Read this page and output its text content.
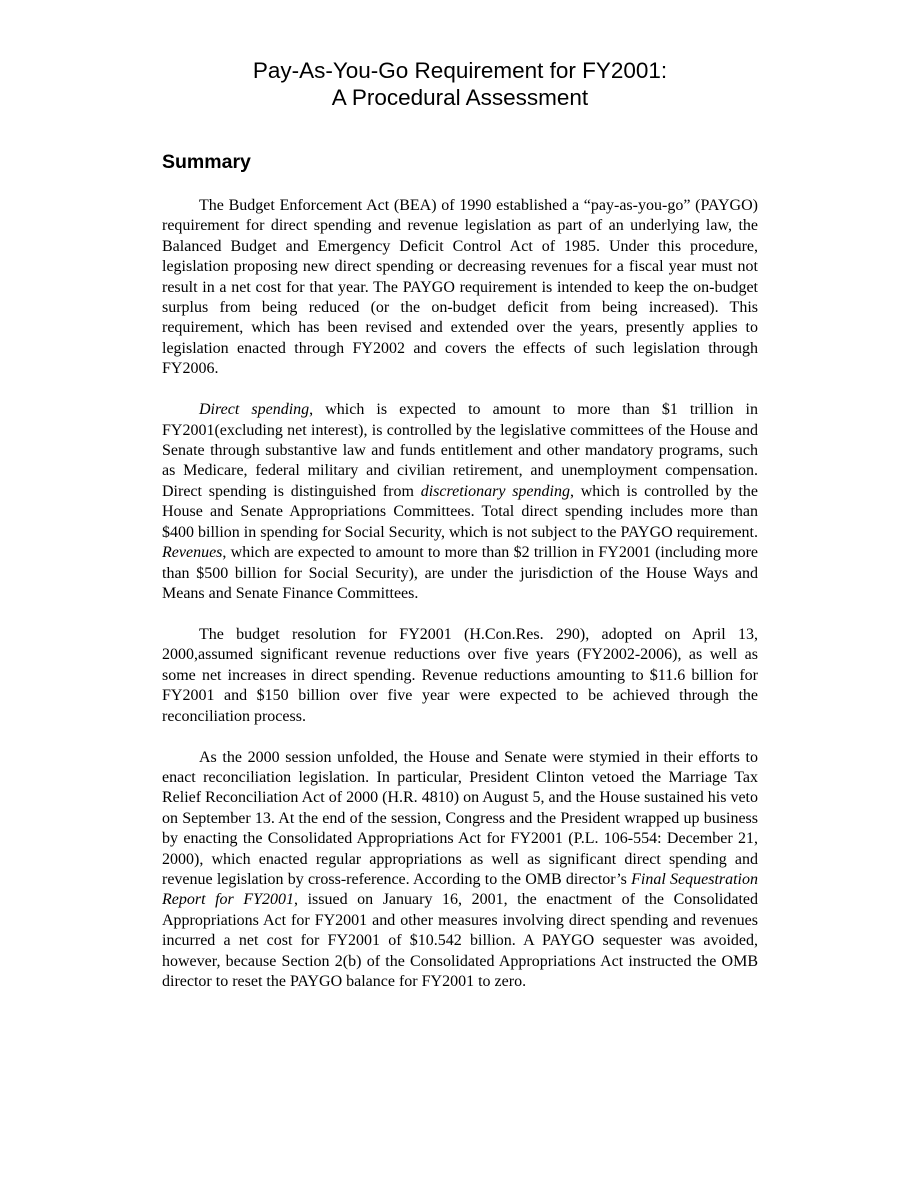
Pay-As-You-Go Requirement for FY2001:
A Procedural Assessment
Summary

The Budget Enforcement Act (BEA) of 1990 established a “pay-as-you-go” (PAYGO) requirement for direct spending and revenue legislation as part of an underlying law, the Balanced Budget and Emergency Deficit Control Act of 1985. Under this procedure, legislation proposing new direct spending or decreasing revenues for a fiscal year must not result in a net cost for that year. The PAYGO requirement is intended to keep the on-budget surplus from being reduced (or the on-budget deficit from being increased). This requirement, which has been revised and extended over the years, presently applies to legislation enacted through FY2002 and covers the effects of such legislation through FY2006.

Direct spending, which is expected to amount to more than $1 trillion in FY2001(excluding net interest), is controlled by the legislative committees of the House and Senate through substantive law and funds entitlement and other mandatory programs, such as Medicare, federal military and civilian retirement, and unemployment compensation. Direct spending is distinguished from discretionary spending, which is controlled by the House and Senate Appropriations Committees. Total direct spending includes more than $400 billion in spending for Social Security, which is not subject to the PAYGO requirement. Revenues, which are expected to amount to more than $2 trillion in FY2001 (including more than $500 billion for Social Security), are under the jurisdiction of the House Ways and Means and Senate Finance Committees.

The budget resolution for FY2001 (H.Con.Res. 290), adopted on April 13, 2000,assumed significant revenue reductions over five years (FY2002-2006), as well as some net increases in direct spending. Revenue reductions amounting to $11.6 billion for FY2001 and $150 billion over five year were expected to be achieved through the reconciliation process.

As the 2000 session unfolded, the House and Senate were stymied in their efforts to enact reconciliation legislation. In particular, President Clinton vetoed the Marriage Tax Relief Reconciliation Act of 2000 (H.R. 4810) on August 5, and the House sustained his veto on September 13. At the end of the session, Congress and the President wrapped up business by enacting the Consolidated Appropriations Act for FY2001 (P.L. 106-554: December 21, 2000), which enacted regular appropriations as well as significant direct spending and revenue legislation by cross-reference. According to the OMB director’s Final Sequestration Report for FY2001, issued on January 16, 2001, the enactment of the Consolidated Appropriations Act for FY2001 and other measures involving direct spending and revenues incurred a net cost for FY2001 of $10.542 billion. A PAYGO sequester was avoided, however, because Section 2(b) of the Consolidated Appropriations Act instructed the OMB director to reset the PAYGO balance for FY2001 to zero.
